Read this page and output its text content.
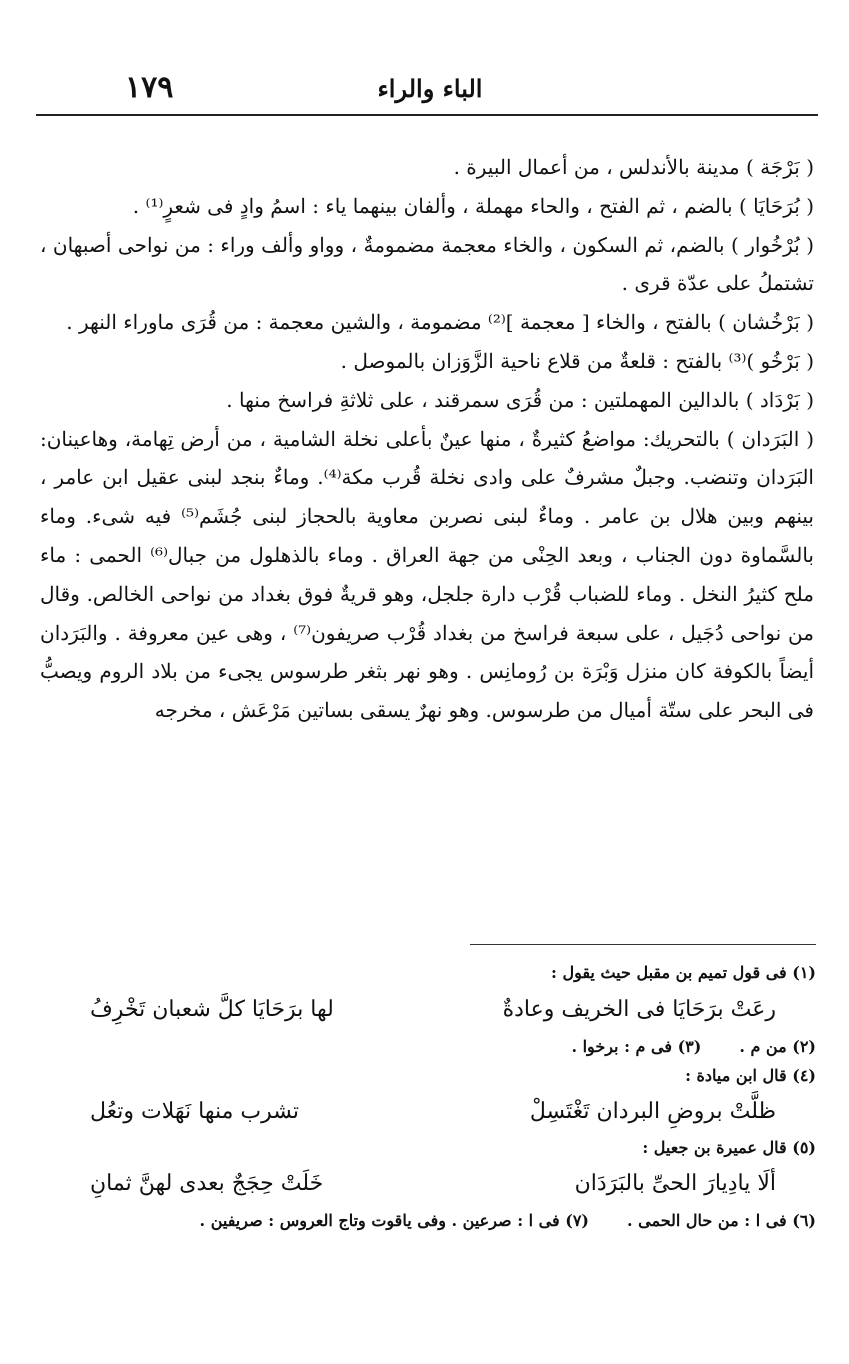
الباء والراء
١٧٩

( بَرْجَة ) مدينة بالأندلس ، من أعمال البيرة .

( بُرَحَايَا ) بالضم ، ثم الفتح ، والحاء مهملة ، وألفان بينهما ياء : اسمُ وادٍ فى شعرٍ⁽¹⁾ .

( بُرْخُوار ) بالضم، ثم السكون ، والخاء معجمة مضمومةٌ ، وواو وألف وراء : من نواحى أصبهان ، تشتملُ على عدّة قرى .

( بَرْخُشان ) بالفتح ، والخاء [ معجمة ]⁽²⁾ مضمومة ، والشين معجمة : من قُرَى ماوراء النهر .

( بَرْخُو )⁽³⁾ بالفتح : قلعةٌ من قلاع ناحية الزَّوَزان بالموصل .

( بَرْدَاد ) بالدالين المهملتين : من قُرَى سمرقند ، على ثلاثةِ فراسخ منها .

( البَرَدان ) بالتحريك: مواضعُ كثيرةٌ ، منها عينٌ بأعلى نخلة الشامية ، من أرض تِهامة، وهاعينان: البَرَدان وتنضب. وجبلٌ مشرفٌ على وادى نخلة قُرب مكة⁽⁴⁾. وماءٌ بنجد لبنى عقيل ابن عامر ، بينهم وبين هلال بن عامر . وماءٌ لبنى نصربن معاوية بالحجاز لبنى جُشَم⁽⁵⁾ فيه شىء. وماء بالسَّماوة دون الجناب ، وبعد الحِنْى من جهة العراق . وماء بالذهلول من جبال⁽⁶⁾ الحمى : ماء ملح كثيرُ النخل . وماء للضباب قُرْب دارة جلجل، وهو قريةٌ فوق بغداد من نواحى الخالص. وقال من نواحى دُجَيل ، على سبعة فراسخ من بغداد قُرْب صريفون⁽⁷⁾ ، وهى عين معروفة . والبَرَدان أيضاً بالكوفة كان منزل وَبْرَة بن رُومانِس . وهو نهر بثغر طرسوس يجىء من بلاد الروم ويصبُّ فى البحر على ستّة أميال من طرسوس. وهو نهرٌ يسقى بساتين مَرْعَش ، مخرجه

(١) فى قول تميم بن مقبل حيث يقول :

رعَتْ برَحَايَا فى الخريف وعادةٌ
لها برَحَايَا كلَّ شعبان تَخْرِفُ
(٢) من م .
(٣) فى م : برخوا .

(٤) قال ابن ميادة :

ظلَّتْ بروضِ البردان تَغْتَسِلْ
تشرب منها نَهَلات وتعُل

(٥) قال عميرة بن جعيل :

ألَا يادِيارَ الحىِّ بالبَرَدَان
خَلَتْ حِجَجٌ بعدى لهنَّ ثمانِ
(٦) فى ا : من حال الحمى .
(٧) فى ا : صرعين . وفى ياقوت وتاج العروس : صريفين .
